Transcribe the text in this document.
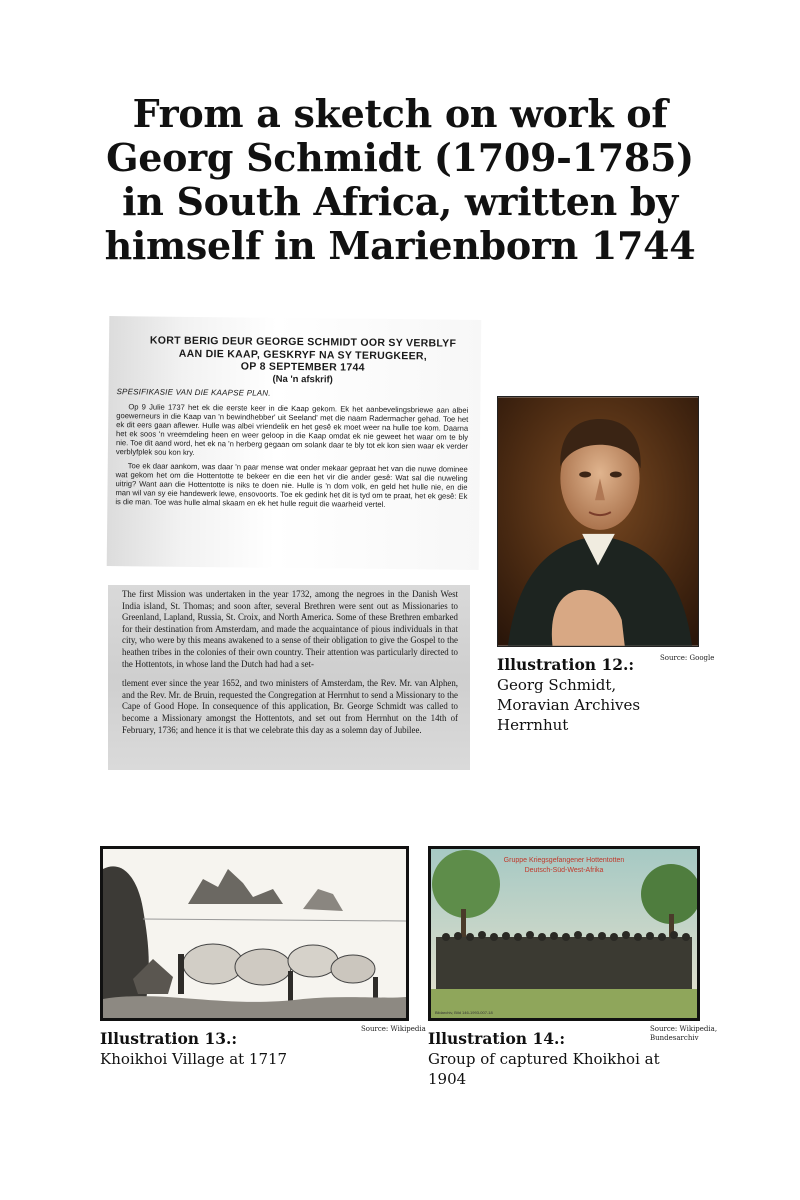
From a sketch on work of
Georg Schmidt (1709-1785)
in South Africa, written by
himself in Marienborn 1744
KORT BERIG DEUR GEORGE SCHMIDT OOR SY VERBLYF
AAN DIE KAAP, GESKRYF NA SY TERUGKEER,
OP 8 SEPTEMBER 1744
(Na 'n afskrif)
SPESIFIKASIE VAN DIE KAAPSE PLAN.

Op 9 Julie 1737 het ek die eerste keer in die Kaap gekom. Ek het aanbevelingsbriewe aan albei goewerneurs in die Kaap van 'n bewindhebber' uit Seeland' met die naam Radermacher gehad. Toe het ek dit eers gaan aflewer. Hulle was albei vriendelik en het gesê ek moet weer na hulle toe kom. Daarna het ek soos 'n vreemdeling heen en weer geloop in die Kaap omdat ek nie geweet het waar om te bly nie. Toe dit aand word, het ek na 'n herberg gegaan om solank daar te bly tot ek kon sien waar ek verder verblyfplek sou kon kry.

Toe ek daar aankom, was daar 'n paar mense wat onder mekaar gepraat het van die nuwe dominee wat gekom het om die Hottentotte te bekeer en die een het vir die ander gesê: Wat sal die nuweling uitrig? Want aan die Hottentotte is niks te doen nie. Hulle is 'n dom volk, en geld het hulle nie, en die man wil van sy eie handewerk lewe, ensovoorts. Toe ek gedink het dit is tyd om te praat, het ek gesê: Ek is die man. Toe was hulle almal skaam en ek het hulle reguit die waarheid vertel.

The first Mission was undertaken in the year 1732, among the negroes in the Danish West India island, St. Thomas; and soon after, several Brethren were sent out as Missionaries to Greenland, Lapland, Russia, St. Croix, and North America. Some of these Brethren embarked for their destination from Amsterdam, and made the acquaintance of pious individuals in that city, who were by this means awakened to a sense of their obligation to give the Gospel to the heathen tribes in the colonies of their own country. Their attention was particularly directed to the Hottentots, in whose land the Dutch had had a set-

tlement ever since the year 1652, and two ministers of Amsterdam, the Rev. Mr. van Alphen, and the Rev. Mr. de Bruin, requested the Congregation at Herrnhut to send a Missionary to the Cape of Good Hope. In consequence of this application, Br. George Schmidt was called to become a Missionary amongst the Hottentots, and set out from Herrnhut on the 14th of February, 1736; and hence it is that we celebrate this day as a solemn day of Jubilee.

Illustration 12.:
Georg Schmidt,
Moravian Archives
Herrnhut
Source: Google
Illustration 13.:
Khoikhoi Village at 1717
Source: Wikipedia
Gruppe Kriegsgefangener Hottentotten
Deutsch-Süd-West-Afrika
Bildarchiv, Bild 146-1993-007-18
Illustration 14.:
Group of captured Khoikhoi at
1904
Source: Wikipedia,
Bundesarchiv
